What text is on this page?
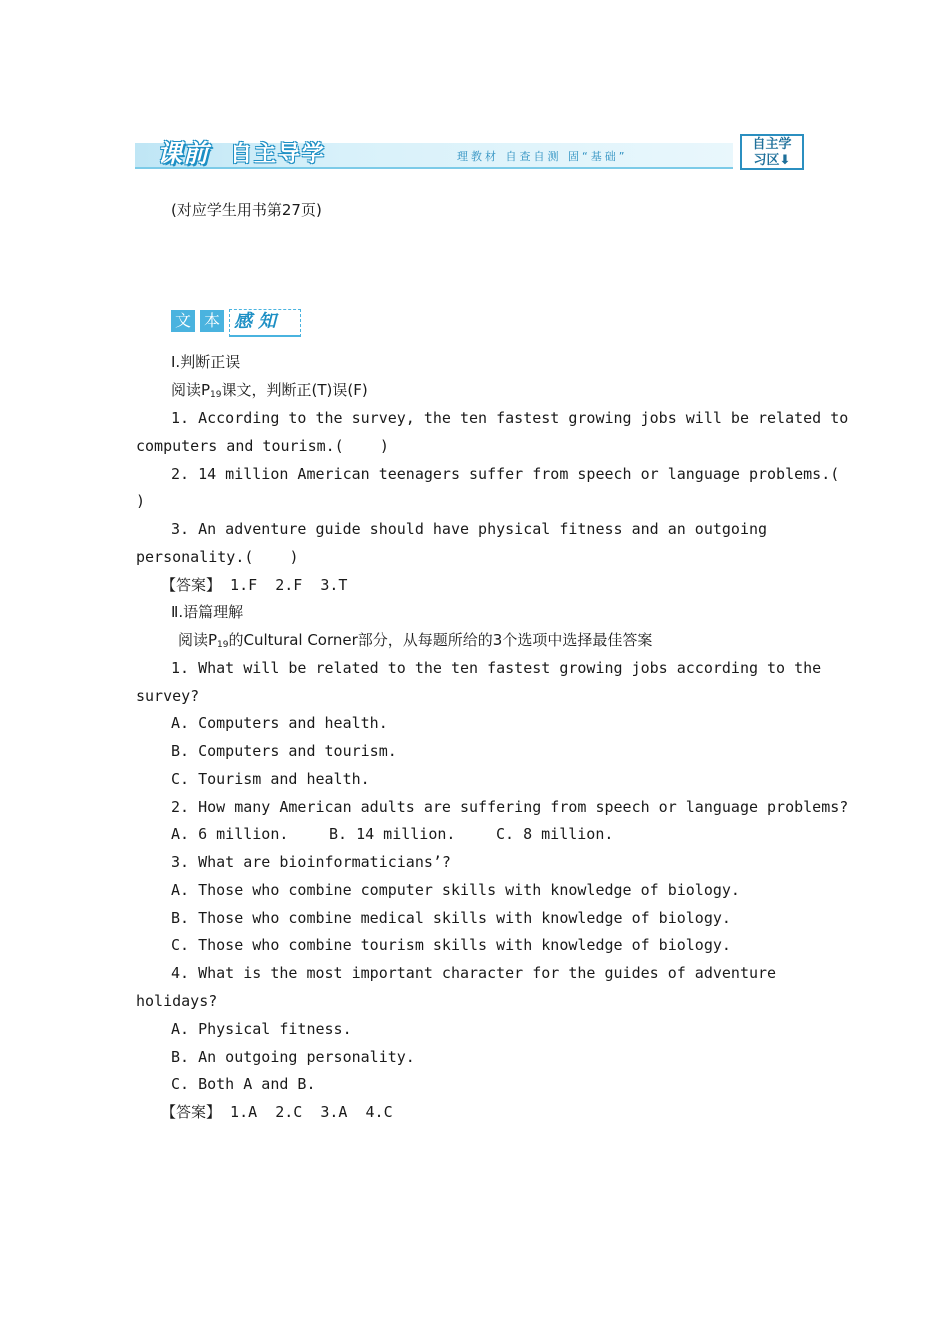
课前 自主导学	理教材 自查自测 固“基础”
自主学
习区⬇
(对应学生用书第27页)
文 本 感知
Ⅰ.判断正误
阅读$P_{19}$课文，判断正(T)误(F)
1. According to the survey, the ten fastest growing jobs will be related to
computers and tourism.(    )
2. 14 million American teenagers suffer from speech or language problems.(
)
3. An adventure guide should have physical fitness and an outgoing
personality.(    )
【答案】 1.F  2.F  3.T
Ⅱ.语篇理解
阅读$P_{19}$的Cultural Corner部分，从每题所给的3个选项中选择最佳答案
1. What will be related to the ten fastest growing jobs according to the
survey?
A. Computers and health.
B. Computers and tourism.
C. Tourism and health.
2. How many American adults are suffering from speech or language problems?
A. 6 million.	B. 14 million.	C. 8 million.
3. What are bioinformaticians’?
A. Those who combine computer skills with knowledge of biology.
B. Those who combine medical skills with knowledge of biology.
C. Those who combine tourism skills with knowledge of biology.
4. What is the most important character for the guides of adventure
holidays?
A. Physical fitness.
B. An outgoing personality.
C. Both A and B.
【答案】 1.A  2.C  3.A  4.C
